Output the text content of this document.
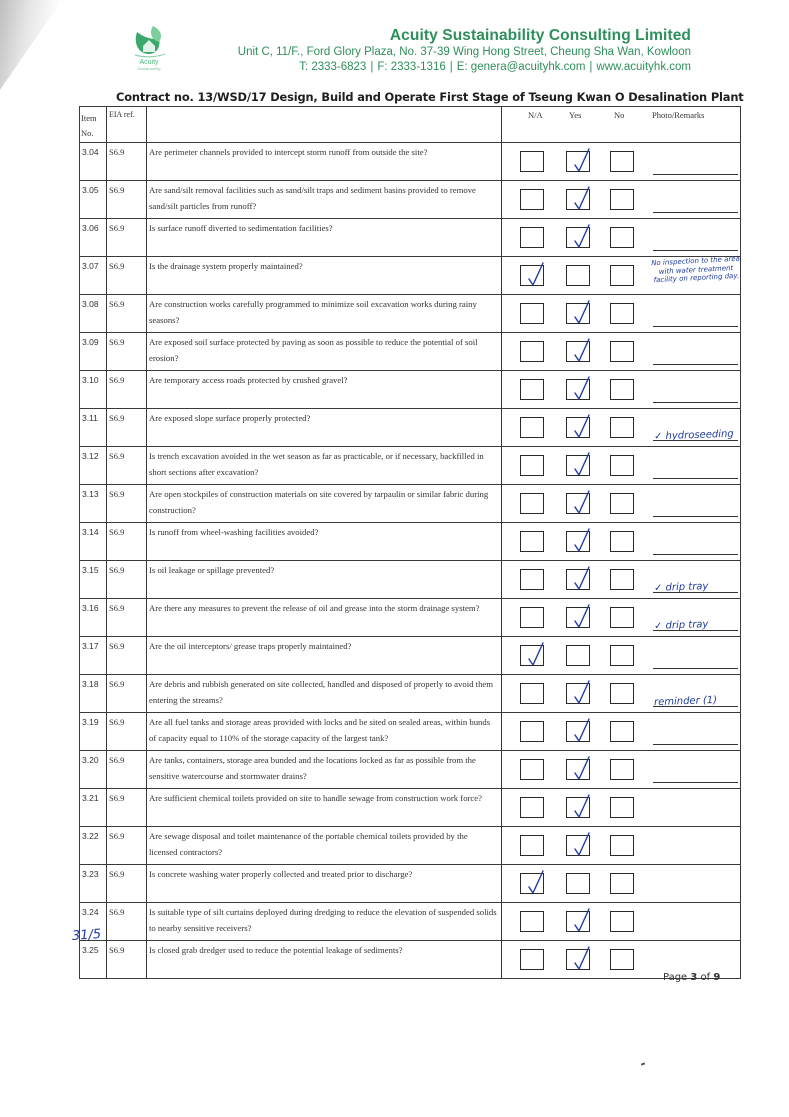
Acuity
Sustainability
Acuity Sustainability Consulting Limited
Unit C, 11/F., Ford Glory Plaza, No. 37-39 Wing Hong Street, Cheung Sha Wan, Kowloon
T: 2333-6823 | F: 2333-1316 | E: genera@acuityhk.com | www.acuityhk.com
Contract no. 13/WSD/17 Design, Build and Operate First Stage of Tseung Kwan O Desalination Plant
Item No.	EIA ref.		N/A Yes No Photo/Remarks

3.04	S6.9	Are perimeter channels provided to intercept storm runoff from outside the site?	

3.05	S6.9	Are sand/silt removal facilities such as sand/silt traps and sediment basins provided to remove sand/silt particles from runoff?	

3.06	S6.9	Is surface runoff diverted to sedimentation facilities?	

3.07	S6.9	Is the drainage system properly maintained?	No inspection to the area with water treatment facility on reporting day.

3.08	S6.9	Are construction works carefully programmed to minimize soil excavation works during rainy seasons?	

3.09	S6.9	Are exposed soil surface protected by paving as soon as possible to reduce the potential of soil erosion?	

3.10	S6.9	Are temporary access roads protected by crushed gravel?	

3.11	S6.9	Are exposed slope surface properly protected?	✓ hydroseeding

3.12	S6.9	Is trench excavation avoided in the wet season as far as practicable, or if necessary, backfilled in short sections after excavation?	

3.13	S6.9	Are open stockpiles of construction materials on site covered by tarpaulin or similar fabric during construction?	

3.14	S6.9	Is runoff from wheel-washing facilities avoided?	

3.15	S6.9	Is oil leakage or spillage prevented?	✓ drip tray

3.16	S6.9	Are there any measures to prevent the release of oil and grease into the storm drainage system?	✓ drip tray

3.17	S6.9	Are the oil interceptors/ grease traps properly maintained?	

3.18	S6.9	Are debris and rubbish generated on site collected, handled and disposed of properly to avoid them entering the streams?	reminder (1)

3.19	S6.9	Are all fuel tanks and storage areas provided with locks and be sited on sealed areas, within bunds of capacity equal to 110% of the storage capacity of the largest tank?	

3.20	S6.9	Are tanks, containers, storage area bunded and the locations locked as far as possible from the sensitive watercourse and stormwater drains?	

3.21	S6.9	Are sufficient chemical toilets provided on site to handle sewage from construction work force?	

3.22	S6.9	Are sewage disposal and toilet maintenance of the portable chemical toilets provided by the licensed contractors?	

3.23	S6.9	Is concrete washing water properly collected and treated prior to discharge?	

3.24	S6.9	Is suitable type of silt curtains deployed during dredging to reduce the elevation of suspended solids to nearby sensitive receivers?	

3.25	S6.9	Is closed grab dredger used to reduce the potential leakage of sediments?	
31/5
Page 3 of 9
